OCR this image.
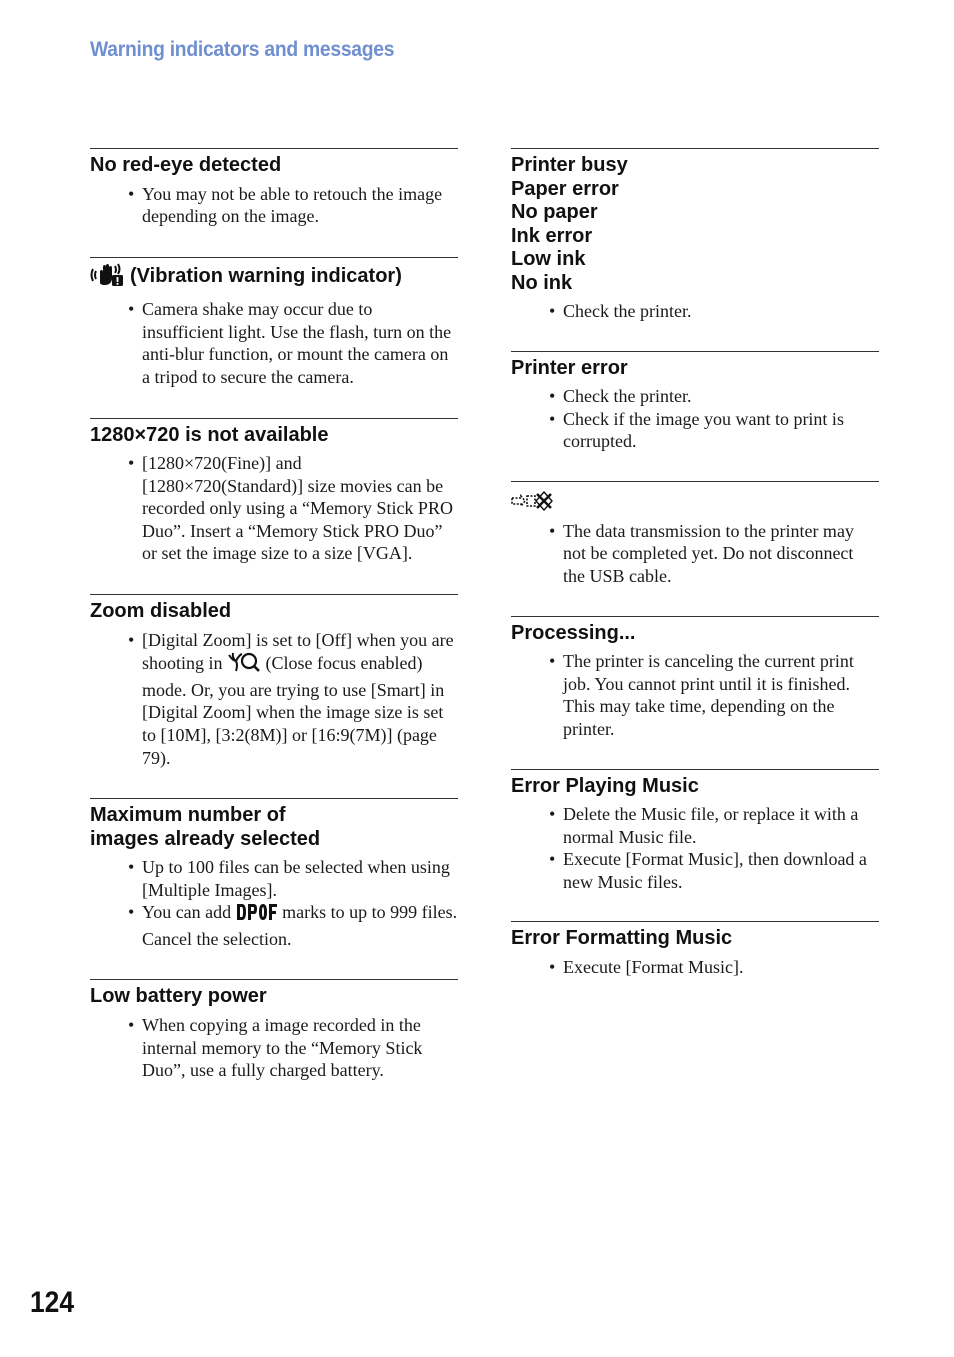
Warning indicators and messages
No red-eye detected
• You may not be able to retouch the image depending on the image.
(Vibration warning indicator)
• Camera shake may occur due to insufficient light. Use the flash, turn on the anti-blur function, or mount the camera on a tripod to secure the camera.
1280×720 is not available
• [1280×720(Fine)] and [1280×720(Standard)] size movies can be recorded only using a “Memory Stick PRO Duo”. Insert a “Memory Stick PRO Duo” or set the image size to a size [VGA].
Zoom disabled
• [Digital Zoom] is set to [Off] when you are shooting in (Close focus enabled) mode. Or, you are trying to use [Smart] in [Digital Zoom] when the image size is set to [10M], [3:2(8M)] or [16:9(7M)] (page 79).
Maximum number of
images already selected
• Up to 100 files can be selected when using [Multiple Images].
• You can add	marks to up to 999 files.
Cancel the selection.
Low battery power
• When copying a image recorded in the internal memory to the “Memory Stick Duo”, use a fully charged battery.
Printer busy
Paper error
No paper
Ink error
Low ink
No ink
• Check the printer.
Printer error
• Check the printer.
• Check if the image you want to print is corrupted.
• The data transmission to the printer may not be completed yet. Do not disconnect the USB cable.
Processing...
• The printer is canceling the current print job. You cannot print until it is finished. This may take time, depending on the printer.
Error Playing Music
• Delete the Music file, or replace it with a normal Music file.
• Execute [Format Music], then download a new Music files.
Error Formatting Music
• Execute [Format Music].
124
